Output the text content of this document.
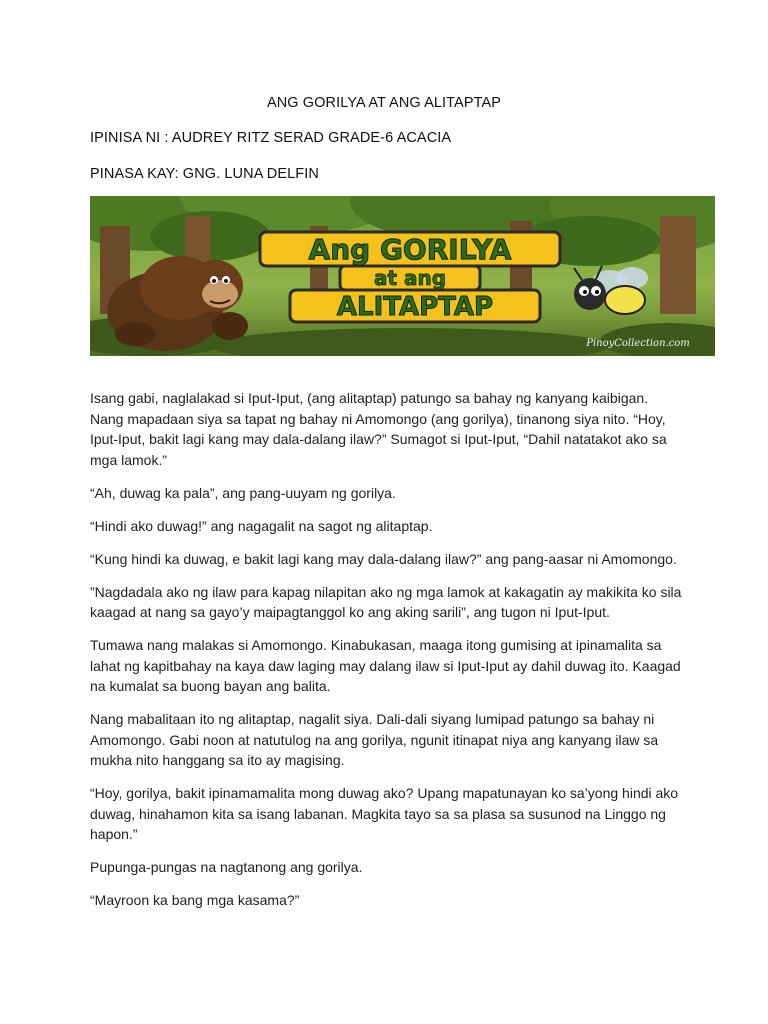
ANG GORILYA AT ANG ALITAPTAP
IPINISA NI : AUDREY RITZ SERAD GRADE-6 ACACIA
PINASA KAY: GNG. LUNA DELFIN
Ang GORILYA
at ang
ALITAPTAP
PinoyCollection.com

Isang gabi, naglalakad si Iput-Iput, (ang alitaptap) patungo sa bahay ng kanyang kaibigan. Nang mapadaan siya sa tapat ng bahay ni Amomongo (ang gorilya), tinanong siya nito. “Hoy, Iput-Iput, bakit lagi kang may dala-dalang ilaw?” Sumagot si Iput-Iput, “Dahil natatakot ako sa mga lamok.”

“Ah, duwag ka pala”, ang pang-uuyam ng gorilya.

“Hindi ako duwag!” ang nagagalit na sagot ng alitaptap.

“Kung hindi ka duwag, e bakit lagi kang may dala-dalang ilaw?” ang pang-aasar ni Amomongo.

”Nagdadala ako ng ilaw para kapag nilapitan ako ng mga lamok at kakagatin ay makikita ko sila kaagad at nang sa gayo’y maipagtanggol ko ang aking sarili”, ang tugon ni Iput-Iput.

Tumawa nang malakas si Amomongo. Kinabukasan, maaga itong gumising at ipinamalita sa lahat ng kapitbahay na kaya daw laging may dalang ilaw si Iput-Iput ay dahil duwag ito. Kaagad na kumalat sa buong bayan ang balita.

Nang mabalitaan ito ng alitaptap, nagalit siya. Dali-dali siyang lumipad patungo sa bahay ni Amomongo. Gabi noon at natutulog na ang gorilya, ngunit itinapat niya ang kanyang ilaw sa mukha nito hanggang sa ito ay magising.

“Hoy, gorilya, bakit ipinamamalita mong duwag ako? Upang mapatunayan ko sa’yong hindi ako duwag, hinahamon kita sa isang labanan. Magkita tayo sa sa plasa sa susunod na Linggo ng hapon.”

Pupunga-pungas na nagtanong ang gorilya.

“Mayroon ka bang mga kasama?”
